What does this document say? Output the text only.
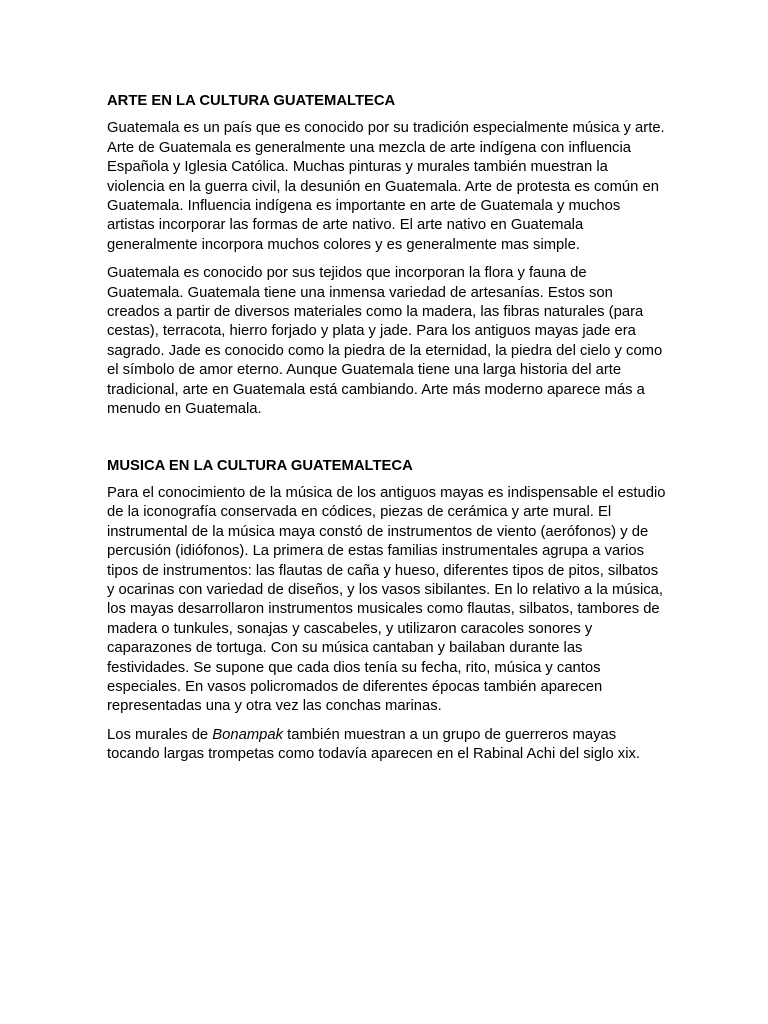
ARTE EN LA CULTURA GUATEMALTECA

Guatemala es un país que es conocido por su tradición especialmente música y arte. Arte de Guatemala es generalmente una mezcla de arte indígena con influencia Española y Iglesia Católica. Muchas pinturas y murales también muestran la violencia en la guerra civil, la desunión en Guatemala. Arte de protesta es común en Guatemala. Influencia indígena es importante en arte de Guatemala y muchos artistas incorporar las formas de arte nativo. El arte nativo en Guatemala generalmente incorpora muchos colores y es generalmente mas simple.

Guatemala es conocido por sus tejidos que incorporan la flora y fauna de Guatemala. Guatemala tiene una inmensa variedad de artesanías. Estos son creados a partir de diversos materiales como la madera, las fibras naturales (para cestas), terracota, hierro forjado y plata y jade. Para los antiguos mayas jade era sagrado. Jade es conocido como la piedra de la eternidad, la piedra del cielo y como el símbolo de amor eterno. Aunque Guatemala tiene una larga historia del arte tradicional, arte en Guatemala está cambiando. Arte más moderno aparece más a menudo en Guatemala.

MUSICA EN LA CULTURA GUATEMALTECA

Para el conocimiento de la música de los antiguos mayas es indispensable el estudio de la iconografía conservada en códices, piezas de cerámica y arte mural. El instrumental de la música maya constó de instrumentos de viento (aerófonos) y de percusión (idiófonos). La primera de estas familias instrumentales agrupa a varios tipos de instrumentos: las flautas de caña y hueso, diferentes tipos de pitos, silbatos y ocarinas con variedad de diseños, y los vasos sibilantes. En lo relativo a la música, los mayas desarrollaron instrumentos musicales como flautas, silbatos, tambores de madera o tunkules, sonajas y cascabeles, y utilizaron caracoles sonores y caparazones de tortuga. Con su música cantaban y bailaban durante las festividades. Se supone que cada dios tenía su fecha, rito, música y cantos especiales. En vasos policromados de diferentes épocas también aparecen representadas una y otra vez las conchas marinas.

Los murales de Bonampak también muestran a un grupo de guerreros mayas tocando largas trompetas como todavía aparecen en el Rabinal Achi del siglo xix.
